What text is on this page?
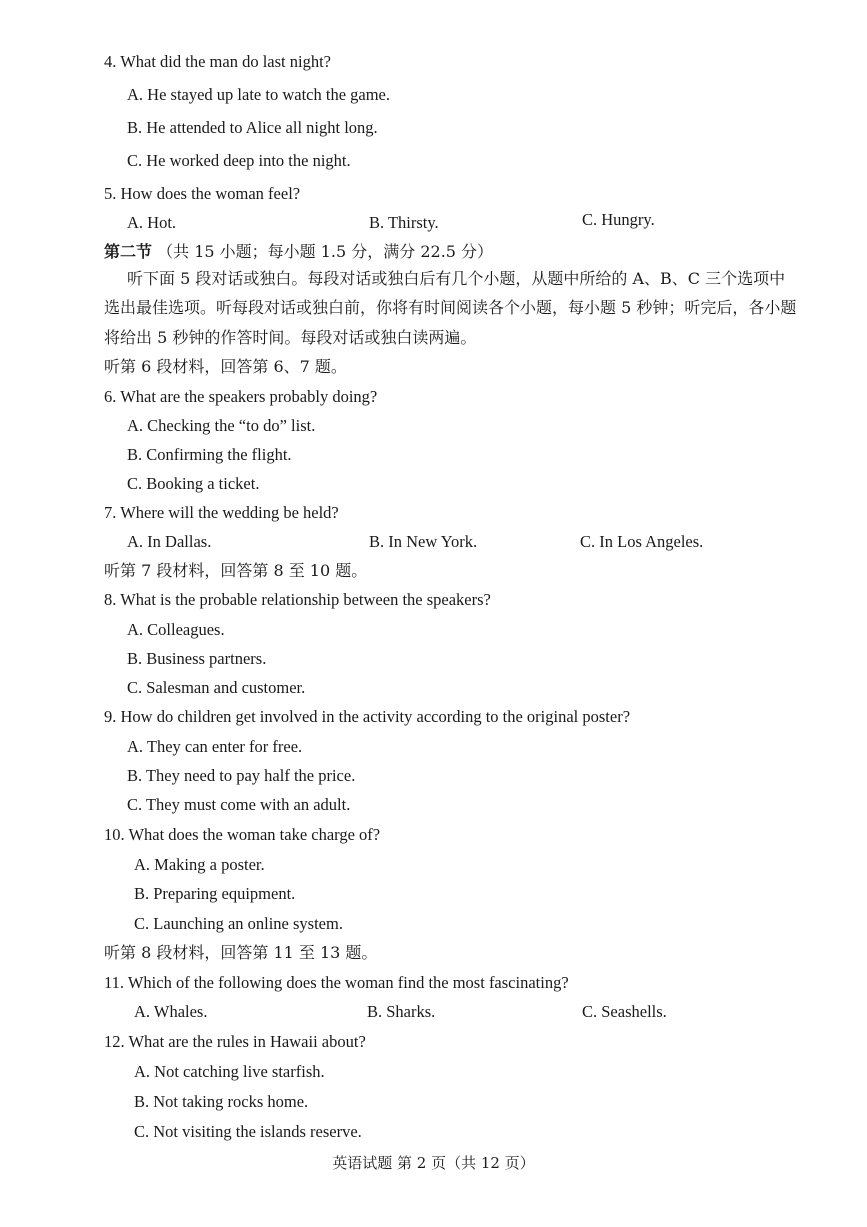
4. What did the man do last night?
A. He stayed up late to watch the game.
B. He attended to Alice all night long.
C. He worked deep into the night.
5. How does the woman feel?
A. Hot.	B. Thirsty.	C. Hungry.
第二节 （共 15 小题；每小题 1.5 分，满分 22.5 分）
听下面 5 段对话或独白。每段对话或独白后有几个小题，从题中所给的 A、B、C 三个选项中
选出最佳选项。听每段对话或独白前，你将有时间阅读各个小题，每小题 5 秒钟；听完后，各小题
将给出 5 秒钟的作答时间。每段对话或独白读两遍。
听第 6 段材料，回答第 6、7 题。
6. What are the speakers probably doing?
A. Checking the “to do” list.
B. Confirming the flight.
C. Booking a ticket.
7. Where will the wedding be held?
A. In Dallas.	B. In New York.	C. In Los Angeles.
听第 7 段材料，回答第 8 至 10 题。
8. What is the probable relationship between the speakers?
A. Colleagues.
B. Business partners.
C. Salesman and customer.
9. How do children get involved in the activity according to the original poster?
A. They can enter for free.
B. They need to pay half the price.
C. They must come with an adult.
10. What does the woman take charge of?
A. Making a poster.
B. Preparing equipment.
C. Launching an online system.
听第 8 段材料，回答第 11 至 13 题。
11. Which of the following does the woman find the most fascinating?
A. Whales.	B. Sharks.	C. Seashells.
12. What are the rules in Hawaii about?
A. Not catching live starfish.
B. Not taking rocks home.
C. Not visiting the islands reserve.
英语试题 第 2 页（共 12 页）
